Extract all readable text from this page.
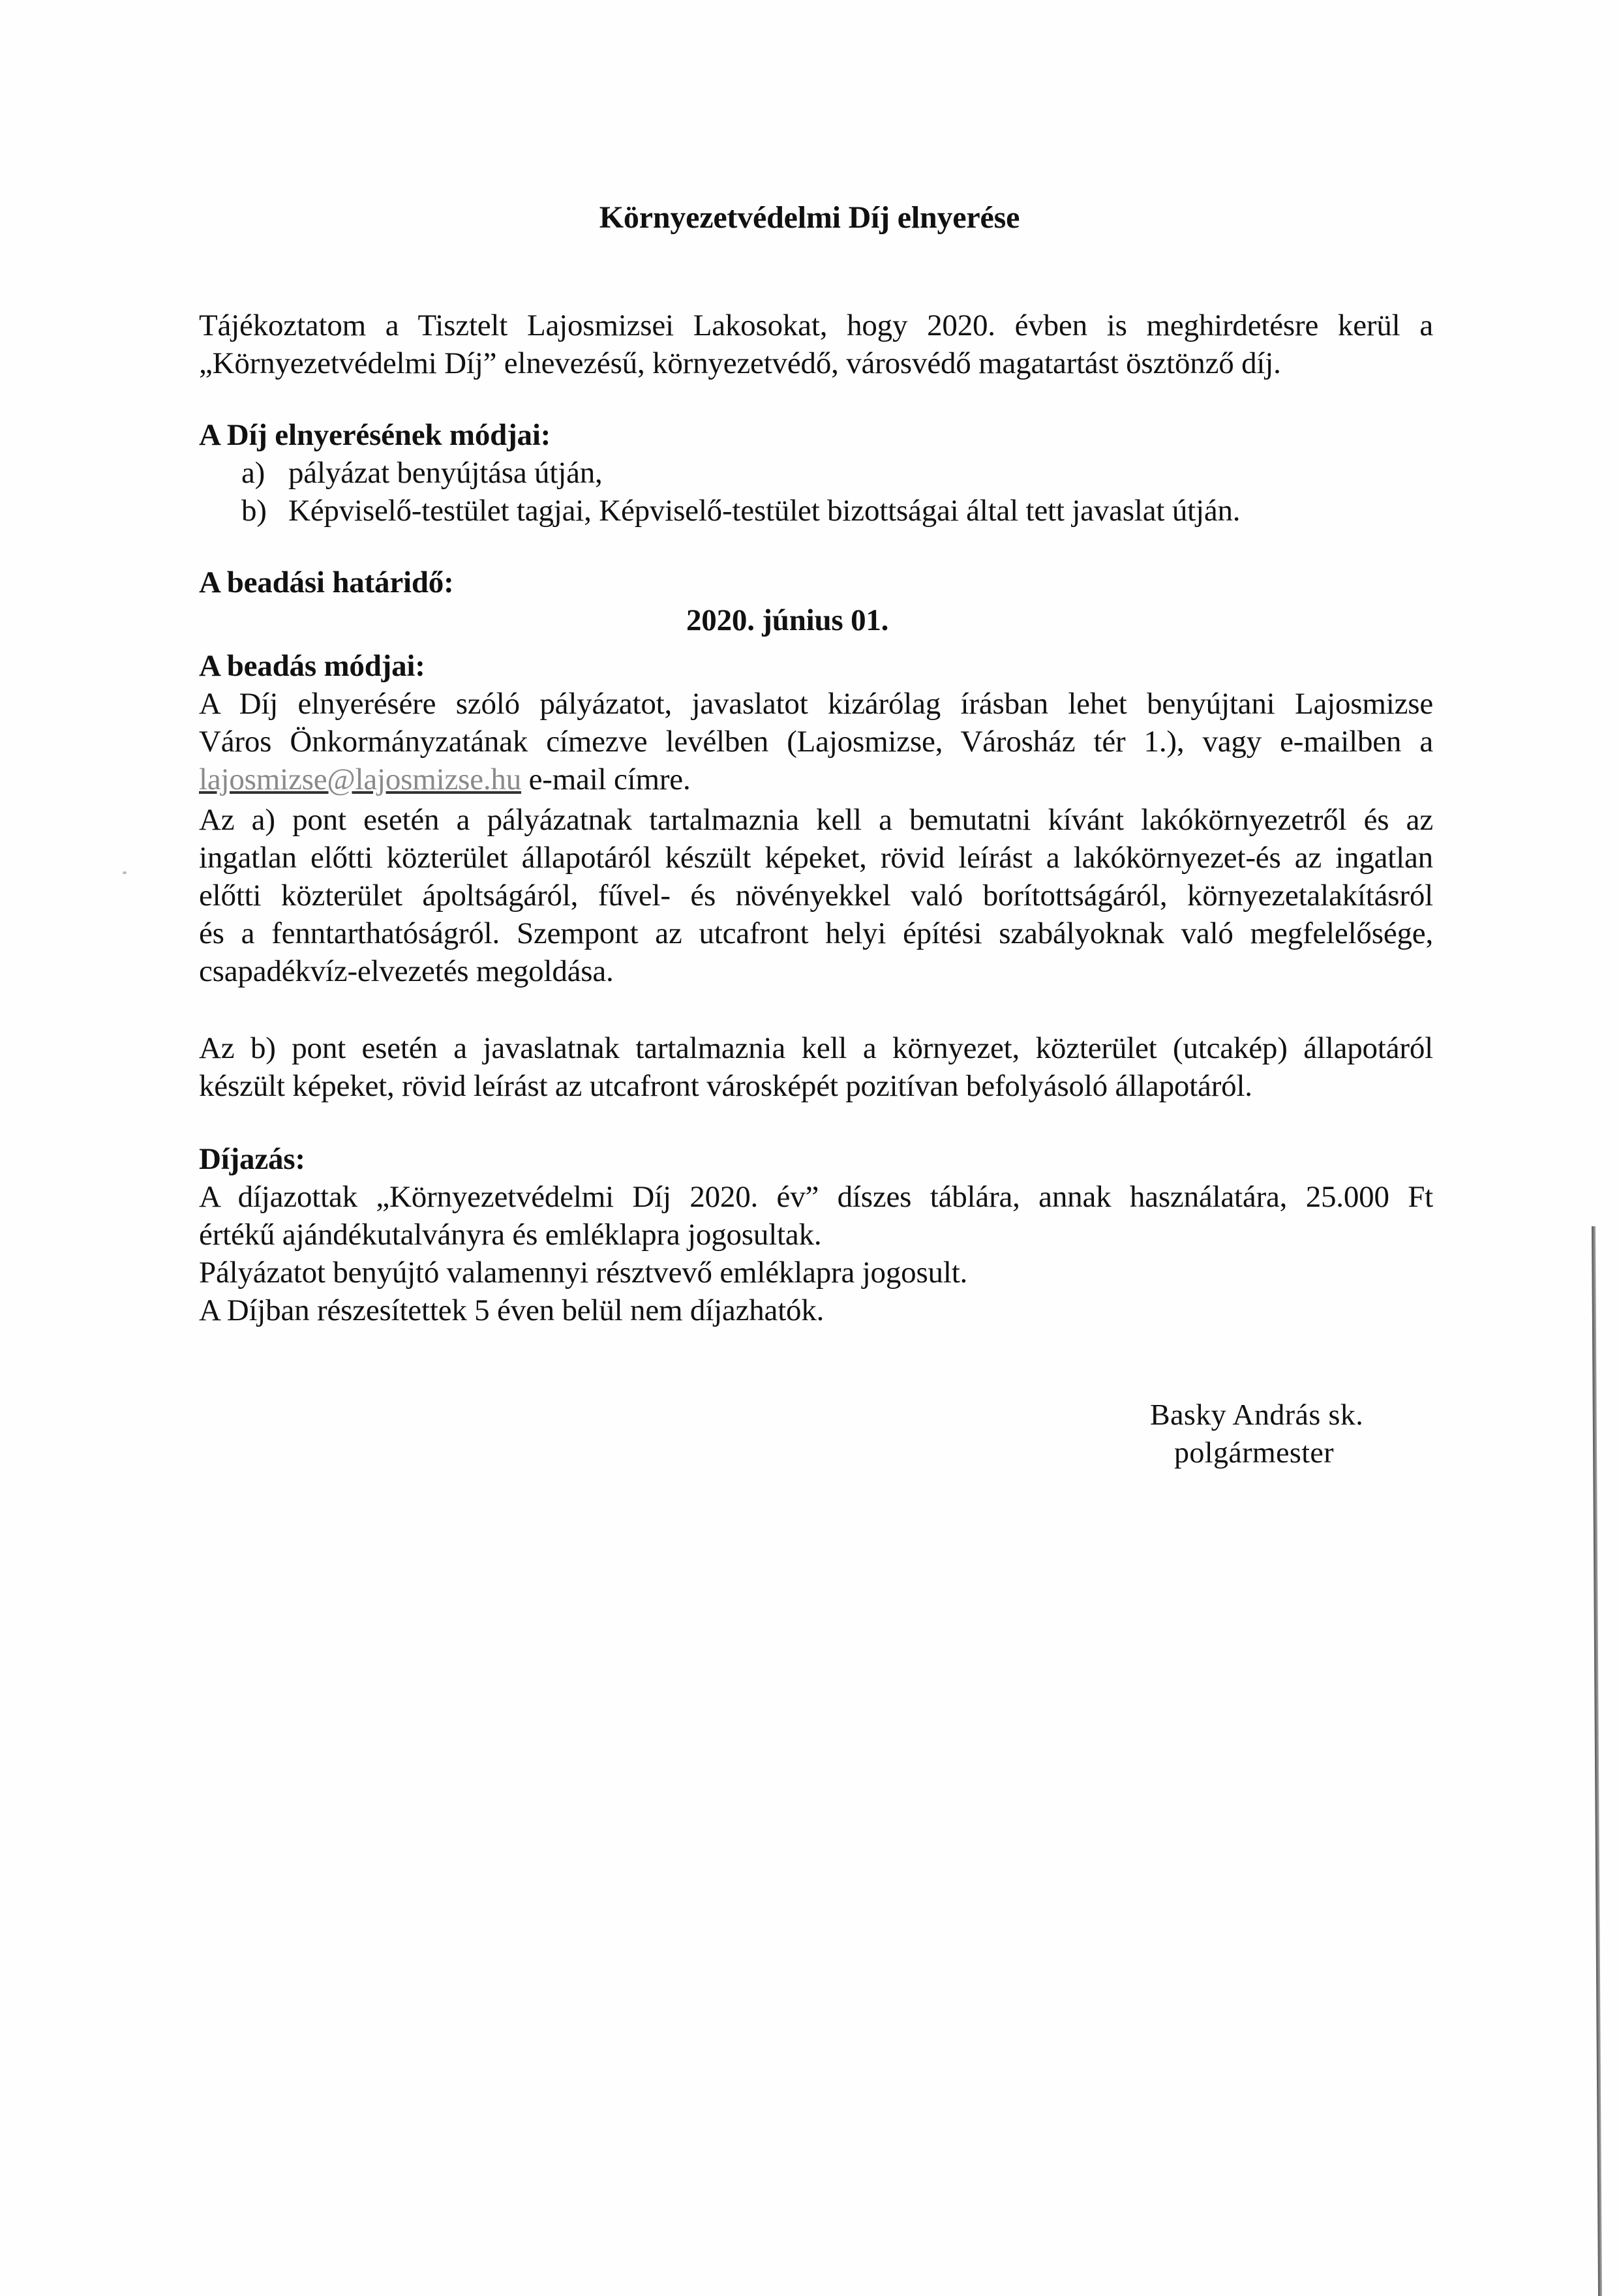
Környezetvédelmi Díj elnyerése
Tájékoztatom a Tisztelt Lajosmizsei Lakosokat, hogy 2020. évben is meghirdetésre kerül a
„Környezetvédelmi Díj” elnevezésű, környezetvédő, városvédő magatartást ösztönző díj.
A Díj elnyerésének módjai:
a) pályázat benyújtása útján,
b) Képviselő-testület tagjai, Képviselő-testület bizottságai által tett javaslat útján.
A beadási határidő:
2020. június 01.
A beadás módjai:
A Díj elnyerésére szóló pályázatot, javaslatot kizárólag írásban lehet benyújtani Lajosmizse
Város Önkormányzatának címezve levélben (Lajosmizse, Városház tér 1.), vagy e-mailben a
lajosmizse@lajosmizse.hu e-mail címre.
Az a) pont esetén a pályázatnak tartalmaznia kell a bemutatni kívánt lakókörnyezetről és az
ingatlan előtti közterület állapotáról készült képeket, rövid leírást a lakókörnyezet-és az ingatlan
előtti közterület ápoltságáról, fűvel- és növényekkel való borítottságáról, környezetalakításról
és a fenntarthatóságról. Szempont az utcafront helyi építési szabályoknak való megfelelősége,
csapadékvíz-elvezetés megoldása.
Az b) pont esetén a javaslatnak tartalmaznia kell a környezet, közterület (utcakép) állapotáról
készült képeket, rövid leírást az utcafront városképét pozitívan befolyásoló állapotáról.
Díjazás:
A díjazottak „Környezetvédelmi Díj 2020. év” díszes táblára, annak használatára, 25.000 Ft
értékű ajándékutalványra és emléklapra jogosultak.
Pályázatot benyújtó valamennyi résztvevő emléklapra jogosult.
A Díjban részesítettek 5 éven belül nem díjazhatók.
Basky András sk.
polgármester
